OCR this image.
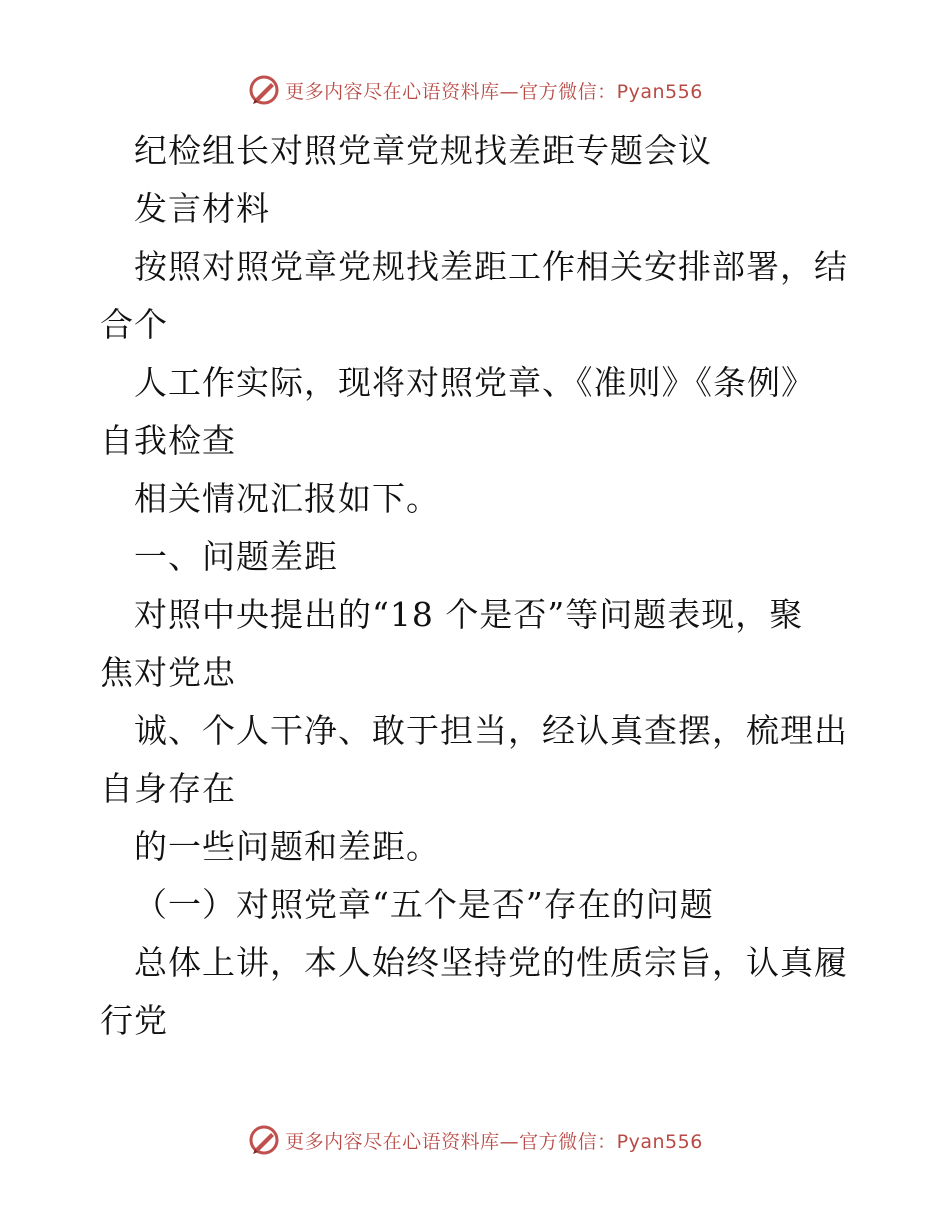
更多内容尽在心语资料库—官方微信：Pyan556
纪检组长对照党章党规找差距专题会议
发言材料
按照对照党章党规找差距工作相关安排部署，结
合个
人工作实际，现将对照党章、《准则》《条例》
自我检查
相关情况汇报如下。
一、问题差距
对照中央提出的“18 个是否”等问题表现，聚
焦对党忠
诚、个人干净、敢于担当，经认真查摆，梳理出
自身存在
的一些问题和差距。
（一）对照党章“五个是否”存在的问题
总体上讲，本人始终坚持党的性质宗旨，认真履
行党
更多内容尽在心语资料库—官方微信：Pyan556
